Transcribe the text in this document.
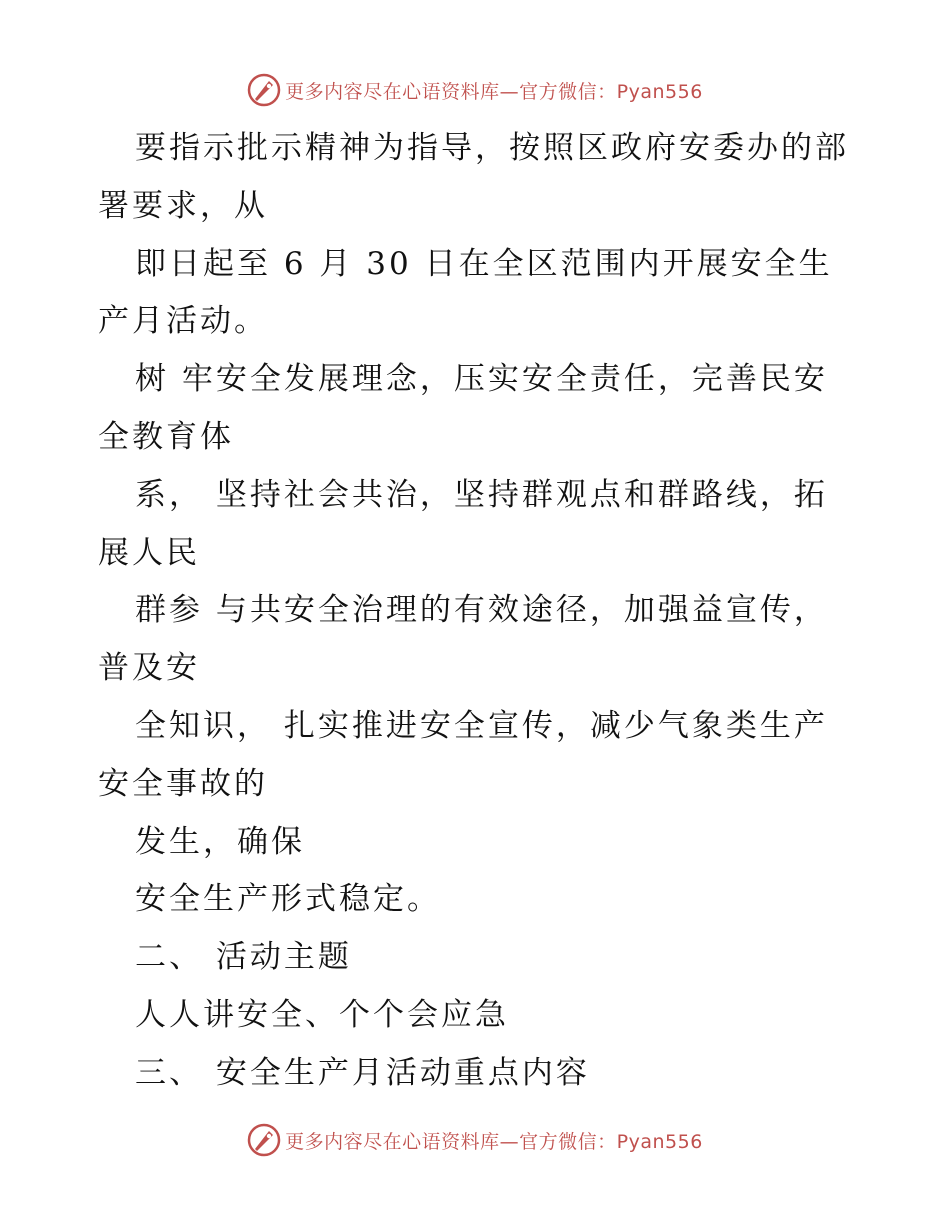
更多内容尽在心语资料库—官方微信：Pyan556
要指示批示精神为指导，按照区政府安委办的部
署要求，从
即日起至 6 月 30 日在全区范围内开展安全生
产月活动。
树 牢安全发展理念，压实安全责任，完善民安
全教育体
系， 坚持社会共治，坚持群观点和群路线，拓
展人民
群参 与共安全治理的有效途径，加强益宣传，
普及安
全知识， 扎实推进安全宣传，减少气象类生产
安全事故的
发生，确保
安全生产形式稳定。
二、 活动主题
人人讲安全、个个会应急
三、 安全生产月活动重点内容
更多内容尽在心语资料库—官方微信：Pyan556
